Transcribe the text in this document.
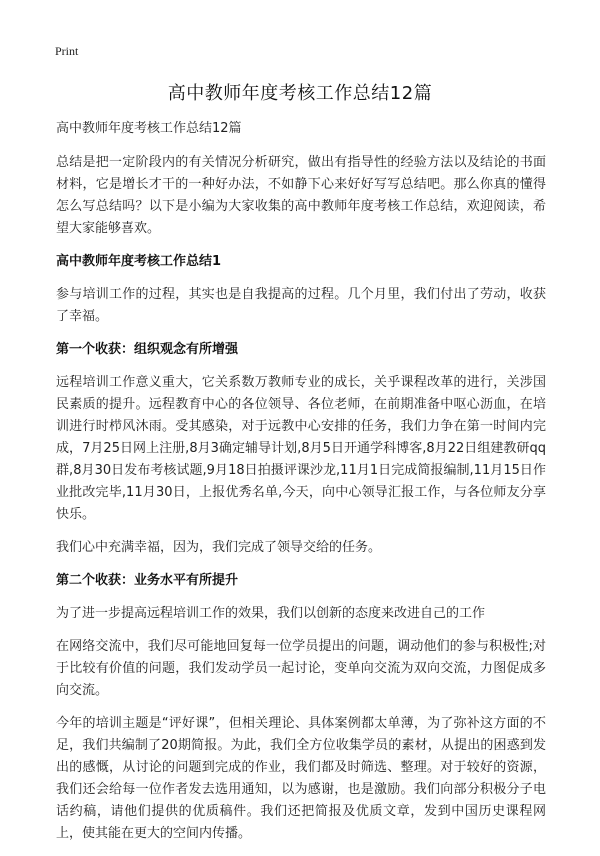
Print
高中教师年度考核工作总结12篇

高中教师年度考核工作总结12篇

总结是把一定阶段内的有关情况分析研究，做出有指导性的经验方法以及结论的书面材料，它是增长才干的一种好办法，不如静下心来好好写写总结吧。那么你真的懂得怎么写总结吗？以下是小编为大家收集的高中教师年度考核工作总结，欢迎阅读，希望大家能够喜欢。

高中教师年度考核工作总结1

参与培训工作的过程，其实也是自我提高的过程。几个月里，我们付出了劳动，收获了幸福。

第一个收获：组织观念有所增强

远程培训工作意义重大，它关系数万教师专业的成长，关乎课程改革的进行，关涉国民素质的提升。远程教育中心的各位领导、各位老师，在前期准备中呕心沥血，在培训进行时栉风沐雨。受其感染，对于远教中心安排的任务，我们力争在第一时间内完成，7月25日网上注册,8月3确定辅导计划,8月5日开通学科博客,8月22日组建教研qq群,8月30日发布考核试题,9月18日拍摄评课沙龙,11月1日完成简报编制,11月15日作业批改完毕,11月30日，上报优秀名单,今天，向中心领导汇报工作，与各位师友分享快乐。

我们心中充满幸福，因为，我们完成了领导交给的任务。

第二个收获：业务水平有所提升

为了进一步提高远程培训工作的效果，我们以创新的态度来改进自己的工作

在网络交流中，我们尽可能地回复每一位学员提出的问题，调动他们的参与积极性;对于比较有价值的问题，我们发动学员一起讨论，变单向交流为双向交流，力图促成多向交流。

今年的培训主题是“评好课”，但相关理论、具体案例都太单薄，为了弥补这方面的不足，我们共编制了20期简报。为此，我们全方位收集学员的素材，从提出的困惑到发出的感慨，从讨论的问题到完成的作业，我们都及时筛选、整理。对于较好的资源，我们还会给每一位作者发去选用通知，以为感谢，也是激励。我们向部分积极分子电话约稿，请他们提供的优质稿件。我们还把简报及优质文章，发到中国历史课程网上，使其能在更大的空间内传播。
